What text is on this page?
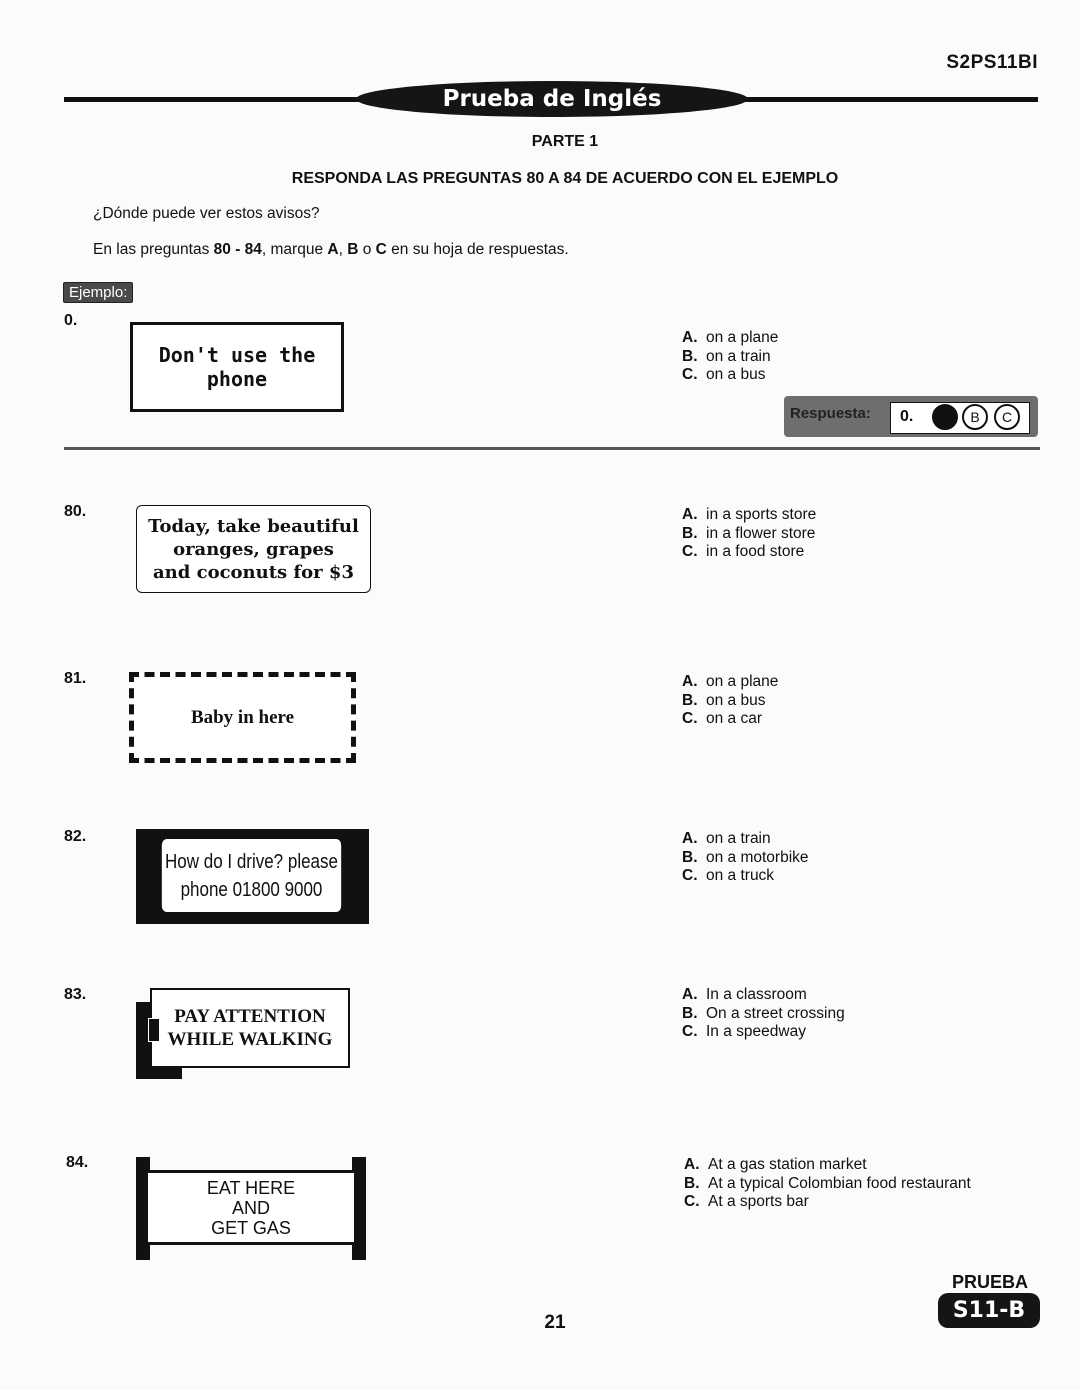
S2PS11BI
Prueba de Inglés
PARTE 1
RESPONDA LAS PREGUNTAS 80 A 84 DE ACUERDO CON EL EJEMPLO
¿Dónde puede ver estos avisos?
En las preguntas 80 - 84, marque A, B o C en su hoja de respuestas.
Ejemplo:
0.
Don't use the phone
A. on a plane
B. on a train
C. on a bus
Respuesta: 0.	B C
80.
Today, take beautiful
oranges, grapes
and coconuts for $3
A. in a sports store
B. in a flower store
C. in a food store
81.
Baby in here
A. on a plane
B. on a bus
C. on a car
82.
How do I drive? please
phone 01800 9000
A. on a train
B. on a motorbike
C. on a truck
83.
PAY ATTENTION
WHILE WALKING
A. In a classroom
B. On a street crossing
C. In a speedway
84.
EAT HERE
AND
GET GAS
A. At a gas station market
B. At a typical Colombian food restaurant
C. At a sports bar
21
PRUEBA
S11-B
